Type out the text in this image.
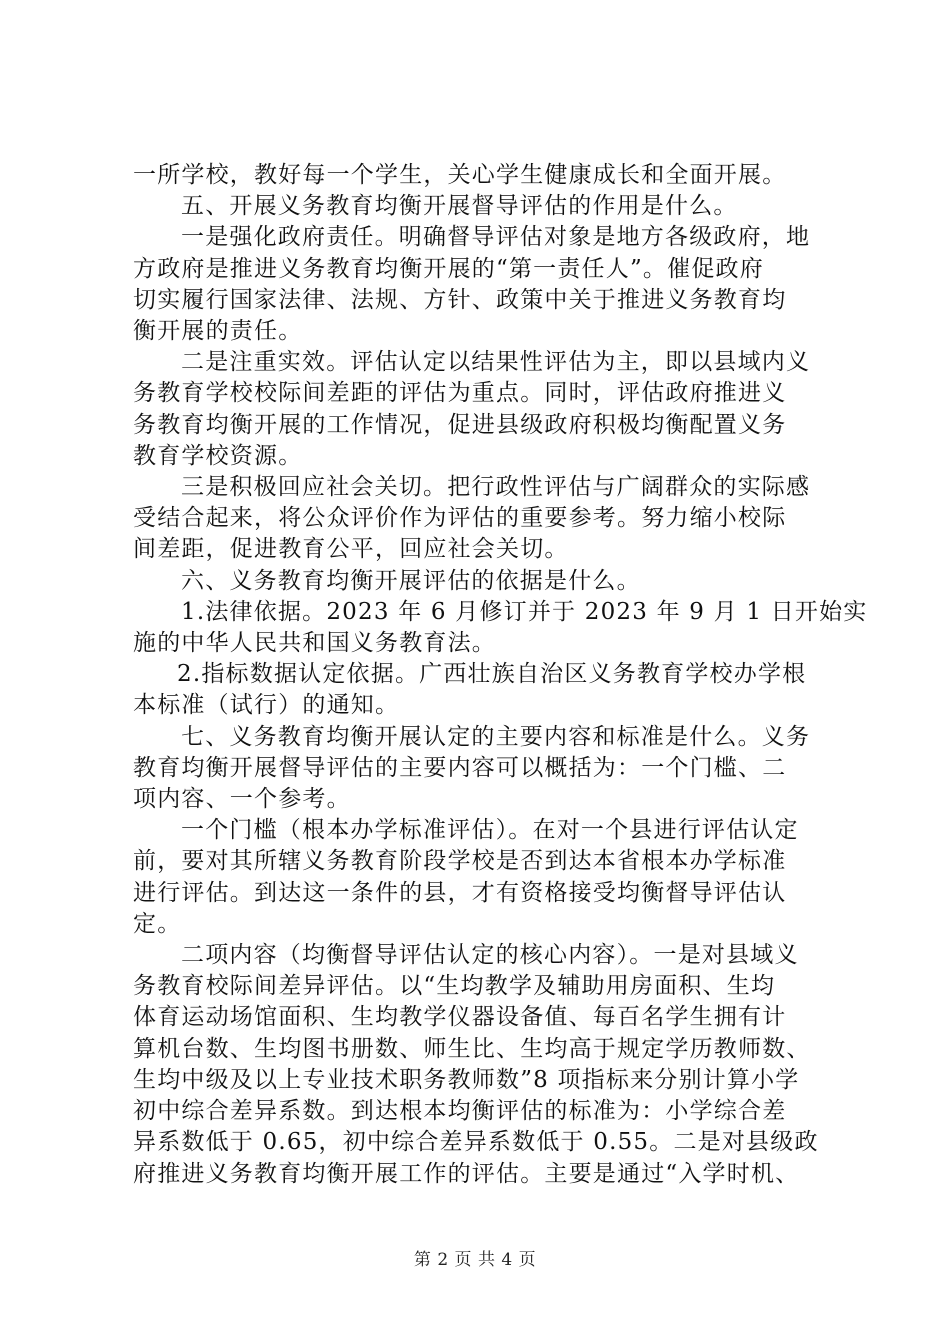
一所学校，教好每一个学生，关心学生健康成长和全面开展。

五、开展义务教育均衡开展督导评估的作用是什么。

一是强化政府责任。明确督导评估对象是地方各级政府，地

方政府是推进义务教育均衡开展的“第一责任人”。催促政府

切实履行国家法律、法规、方针、政策中关于推进义务教育均

衡开展的责任。

二是注重实效。评估认定以结果性评估为主，即以县域内义

务教育学校校际间差距的评估为重点。同时，评估政府推进义

务教育均衡开展的工作情况，促进县级政府积极均衡配置义务

教育学校资源。

三是积极回应社会关切。把行政性评估与广阔群众的实际感

受结合起来，将公众评价作为评估的重要参考。努力缩小校际

间差距，促进教育公平，回应社会关切。

六、义务教育均衡开展评估的依据是什么。

1.法律依据。2023 年 6 月修订并于 2023 年 9 月 1 日开始实

施的中华人民共和国义务教育法。

2.指标数据认定依据。广西壮族自治区义务教育学校办学根

本标准（试行）的通知。

七、义务教育均衡开展认定的主要内容和标准是什么。义务

教育均衡开展督导评估的主要内容可以概括为：一个门槛、二

项内容、一个参考。

一个门槛（根本办学标准评估）。在对一个县进行评估认定

前，要对其所辖义务教育阶段学校是否到达本省根本办学标准

进行评估。到达这一条件的县，才有资格接受均衡督导评估认

定。

二项内容（均衡督导评估认定的核心内容）。一是对县域义

务教育校际间差异评估。以“生均教学及辅助用房面积、生均

体育运动场馆面积、生均教学仪器设备值、每百名学生拥有计

算机台数、生均图书册数、师生比、生均高于规定学历教师数、

生均中级及以上专业技术职务教师数”8 项指标来分别计算小学

初中综合差异系数。到达根本均衡评估的标准为：小学综合差

异系数低于 0.65，初中综合差异系数低于 0.55。二是对县级政

府推进义务教育均衡开展工作的评估。主要是通过“入学时机、

第 2 页 共 4 页
